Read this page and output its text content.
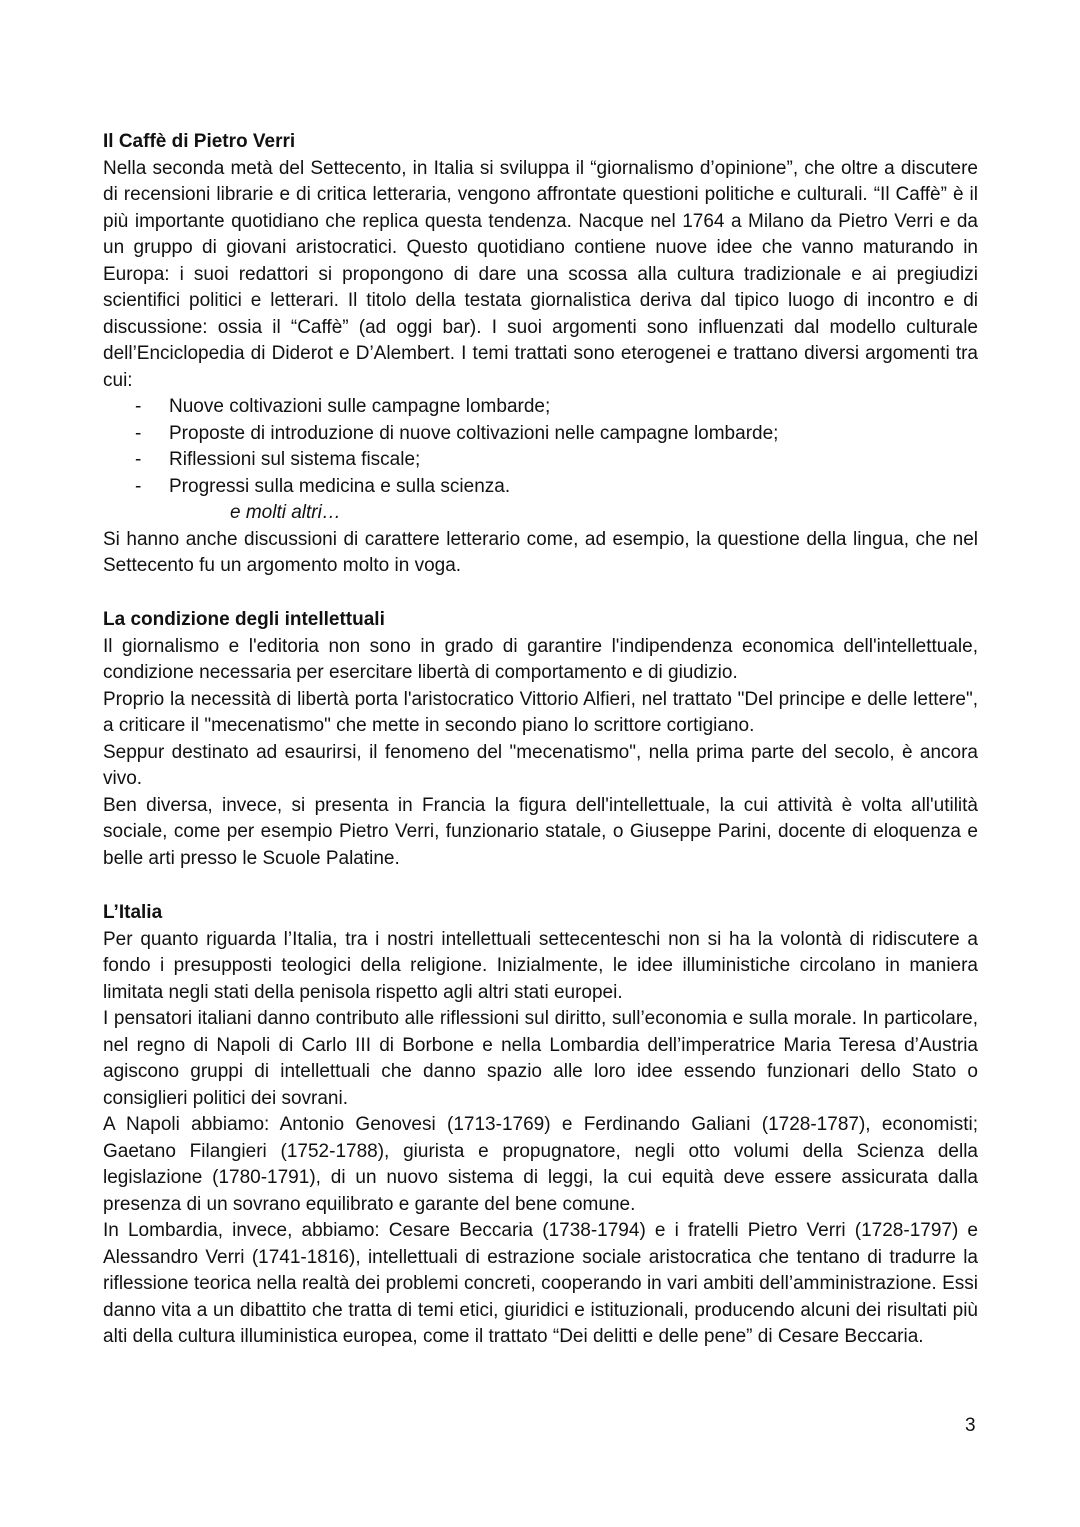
Il Caffè di Pietro Verri

Nella seconda metà del Settecento, in Italia si sviluppa il “giornalismo d’opinione”, che oltre a discutere di recensioni librarie e di critica letteraria, vengono affrontate questioni politiche e culturali. “Il Caffè” è il più importante quotidiano che replica questa tendenza. Nacque nel 1764 a Milano da Pietro Verri e da un gruppo di giovani aristocratici. Questo quotidiano contiene nuove idee che vanno maturando in Europa: i suoi redattori si propongono di dare una scossa alla cultura tradizionale e ai pregiudizi scientifici politici e letterari. Il titolo della testata giornalistica deriva dal tipico luogo di incontro e di discussione: ossia il “Caffè” (ad oggi bar). I suoi argomenti sono influenzati dal modello culturale dell’Enciclopedia di Diderot e D’Alembert. I temi trattati sono eterogenei e trattano diversi argomenti tra cui:

- Nuove coltivazioni sulle campagne lombarde;
- Proposte di introduzione di nuove coltivazioni nelle campagne lombarde;
- Riflessioni sul sistema fiscale;
- Progressi sulla medicina e sulla scienza.

e molti altri…

Si hanno anche discussioni di carattere letterario come, ad esempio, la questione della lingua, che nel Settecento fu un argomento molto in voga.

La condizione degli intellettuali

Il giornalismo e l'editoria non sono in grado di garantire l'indipendenza economica dell'intellettuale, condizione necessaria per esercitare libertà di comportamento e di giudizio.

Proprio la necessità di libertà porta l'aristocratico Vittorio Alfieri, nel trattato "Del principe e delle lettere", a criticare il "mecenatismo" che mette in secondo piano lo scrittore cortigiano.

Seppur destinato ad esaurirsi, il fenomeno del "mecenatismo", nella prima parte del secolo, è ancora vivo.

Ben diversa, invece, si presenta in Francia la figura dell'intellettuale, la cui attività è volta all'utilità sociale, come per esempio Pietro Verri, funzionario statale, o Giuseppe Parini, docente di eloquenza e belle arti presso le Scuole Palatine.

L’Italia

Per quanto riguarda l’Italia, tra i nostri intellettuali settecenteschi non si ha la volontà di ridiscutere a fondo i presupposti teologici della religione. Inizialmente, le idee illuministiche circolano in maniera limitata negli stati della penisola rispetto agli altri stati europei.

I pensatori italiani danno contributo alle riflessioni sul diritto, sull’economia e sulla morale. In particolare, nel regno di Napoli di Carlo III di Borbone e nella Lombardia dell’imperatrice Maria Teresa d’Austria agiscono gruppi di intellettuali che danno spazio alle loro idee essendo funzionari dello Stato o consiglieri politici dei sovrani.

A Napoli abbiamo: Antonio Genovesi (1713-1769) e Ferdinando Galiani (1728-1787), economisti; Gaetano Filangieri (1752-1788), giurista e propugnatore, negli otto volumi della Scienza della legislazione (1780-1791), di un nuovo sistema di leggi, la cui equità deve essere assicurata dalla presenza di un sovrano equilibrato e garante del bene comune.

In Lombardia, invece, abbiamo: Cesare Beccaria (1738-1794) e i fratelli Pietro Verri (1728-1797) e Alessandro Verri (1741-1816), intellettuali di estrazione sociale aristocratica che tentano di tradurre la riflessione teorica nella realtà dei problemi concreti, cooperando in vari ambiti dell’amministrazione. Essi danno vita a un dibattito che tratta di temi etici, giuridici e istituzionali, producendo alcuni dei risultati più alti della cultura illuministica europea, come il trattato “Dei delitti e delle pene” di Cesare Beccaria.

3
